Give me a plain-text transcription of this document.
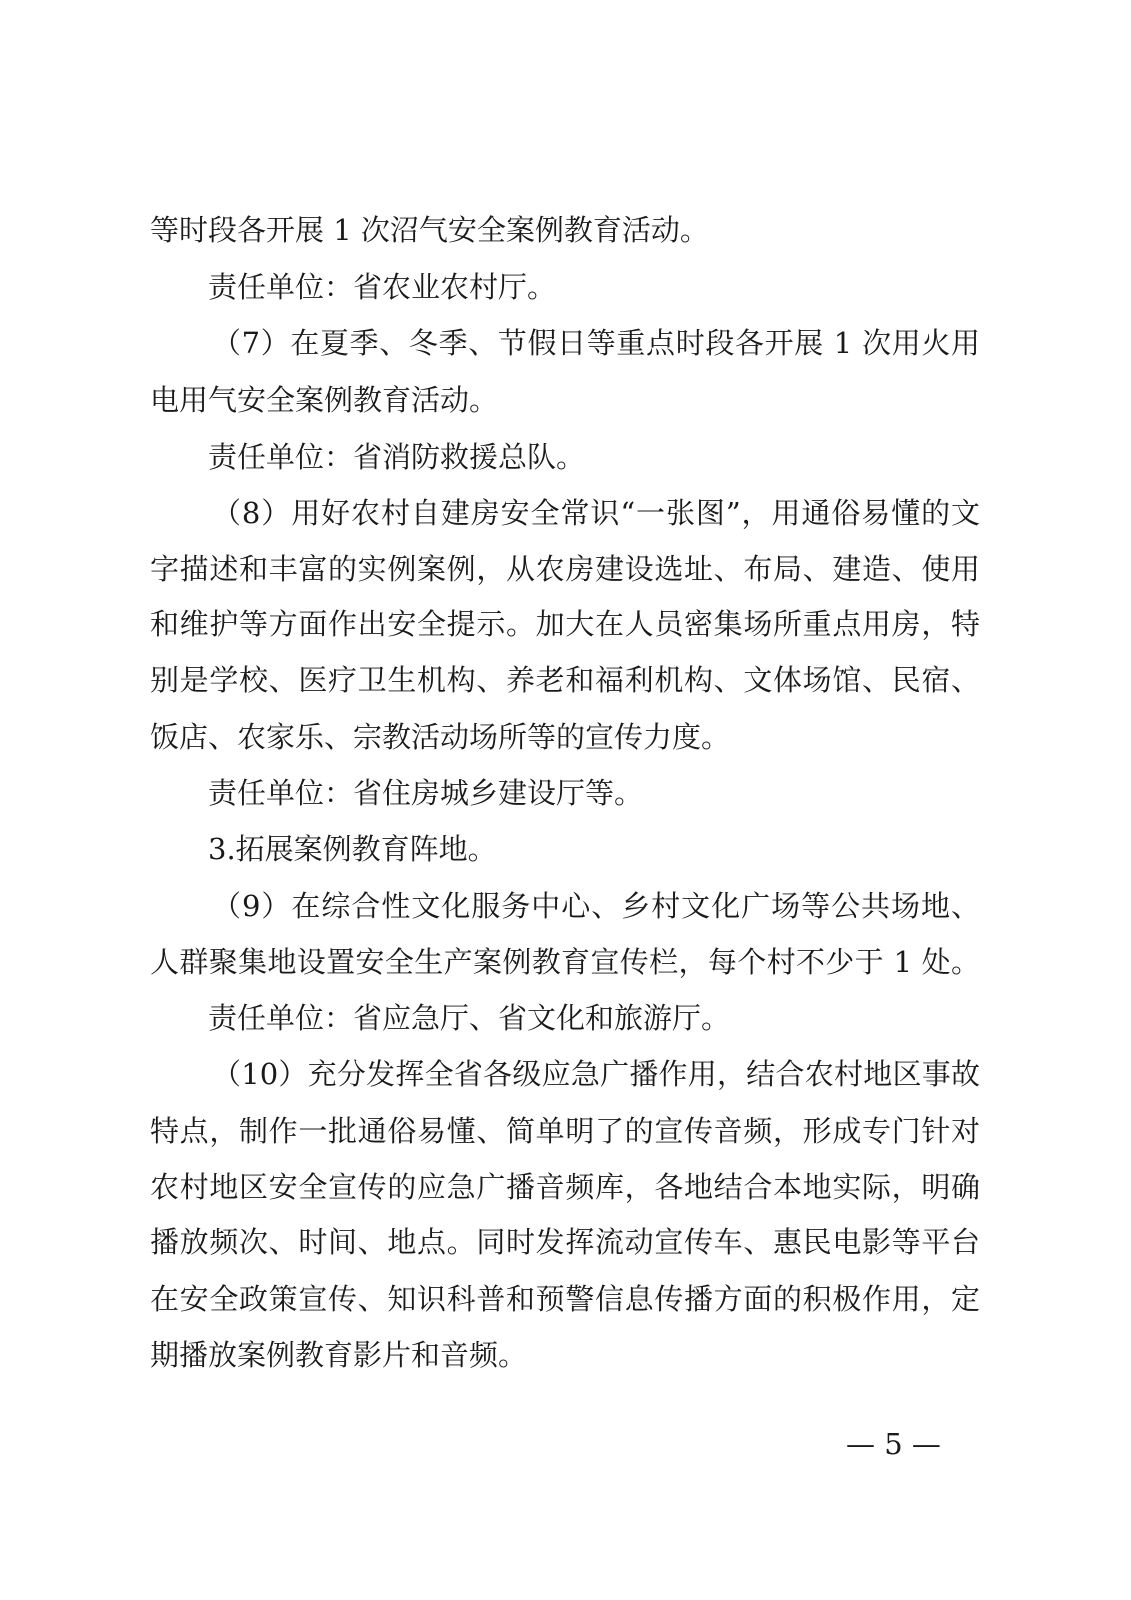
等时段各开展 1 次沼气安全案例教育活动。
责任单位：省农业农村厅。
（7）在夏季、冬季、节假日等重点时段各开展 1 次用火用
电用气安全案例教育活动。
责任单位：省消防救援总队。
（8）用好农村自建房安全常识“一张图”，用通俗易懂的文
字描述和丰富的实例案例，从农房建设选址、布局、建造、使用
和维护等方面作出安全提示。加大在人员密集场所重点用房，特
别是学校、医疗卫生机构、养老和福利机构、文体场馆、民宿、
饭店、农家乐、宗教活动场所等的宣传力度。
责任单位：省住房城乡建设厅等。
3.拓展案例教育阵地。
（9）在综合性文化服务中心、乡村文化广场等公共场地、
人群聚集地设置安全生产案例教育宣传栏，每个村不少于 1 处。
责任单位：省应急厅、省文化和旅游厅。
（10）充分发挥全省各级应急广播作用，结合农村地区事故
特点，制作一批通俗易懂、简单明了的宣传音频，形成专门针对
农村地区安全宣传的应急广播音频库，各地结合本地实际，明确
播放频次、时间、地点。同时发挥流动宣传车、惠民电影等平台
在安全政策宣传、知识科普和预警信息传播方面的积极作用，定
期播放案例教育影片和音频。
— 5 —
